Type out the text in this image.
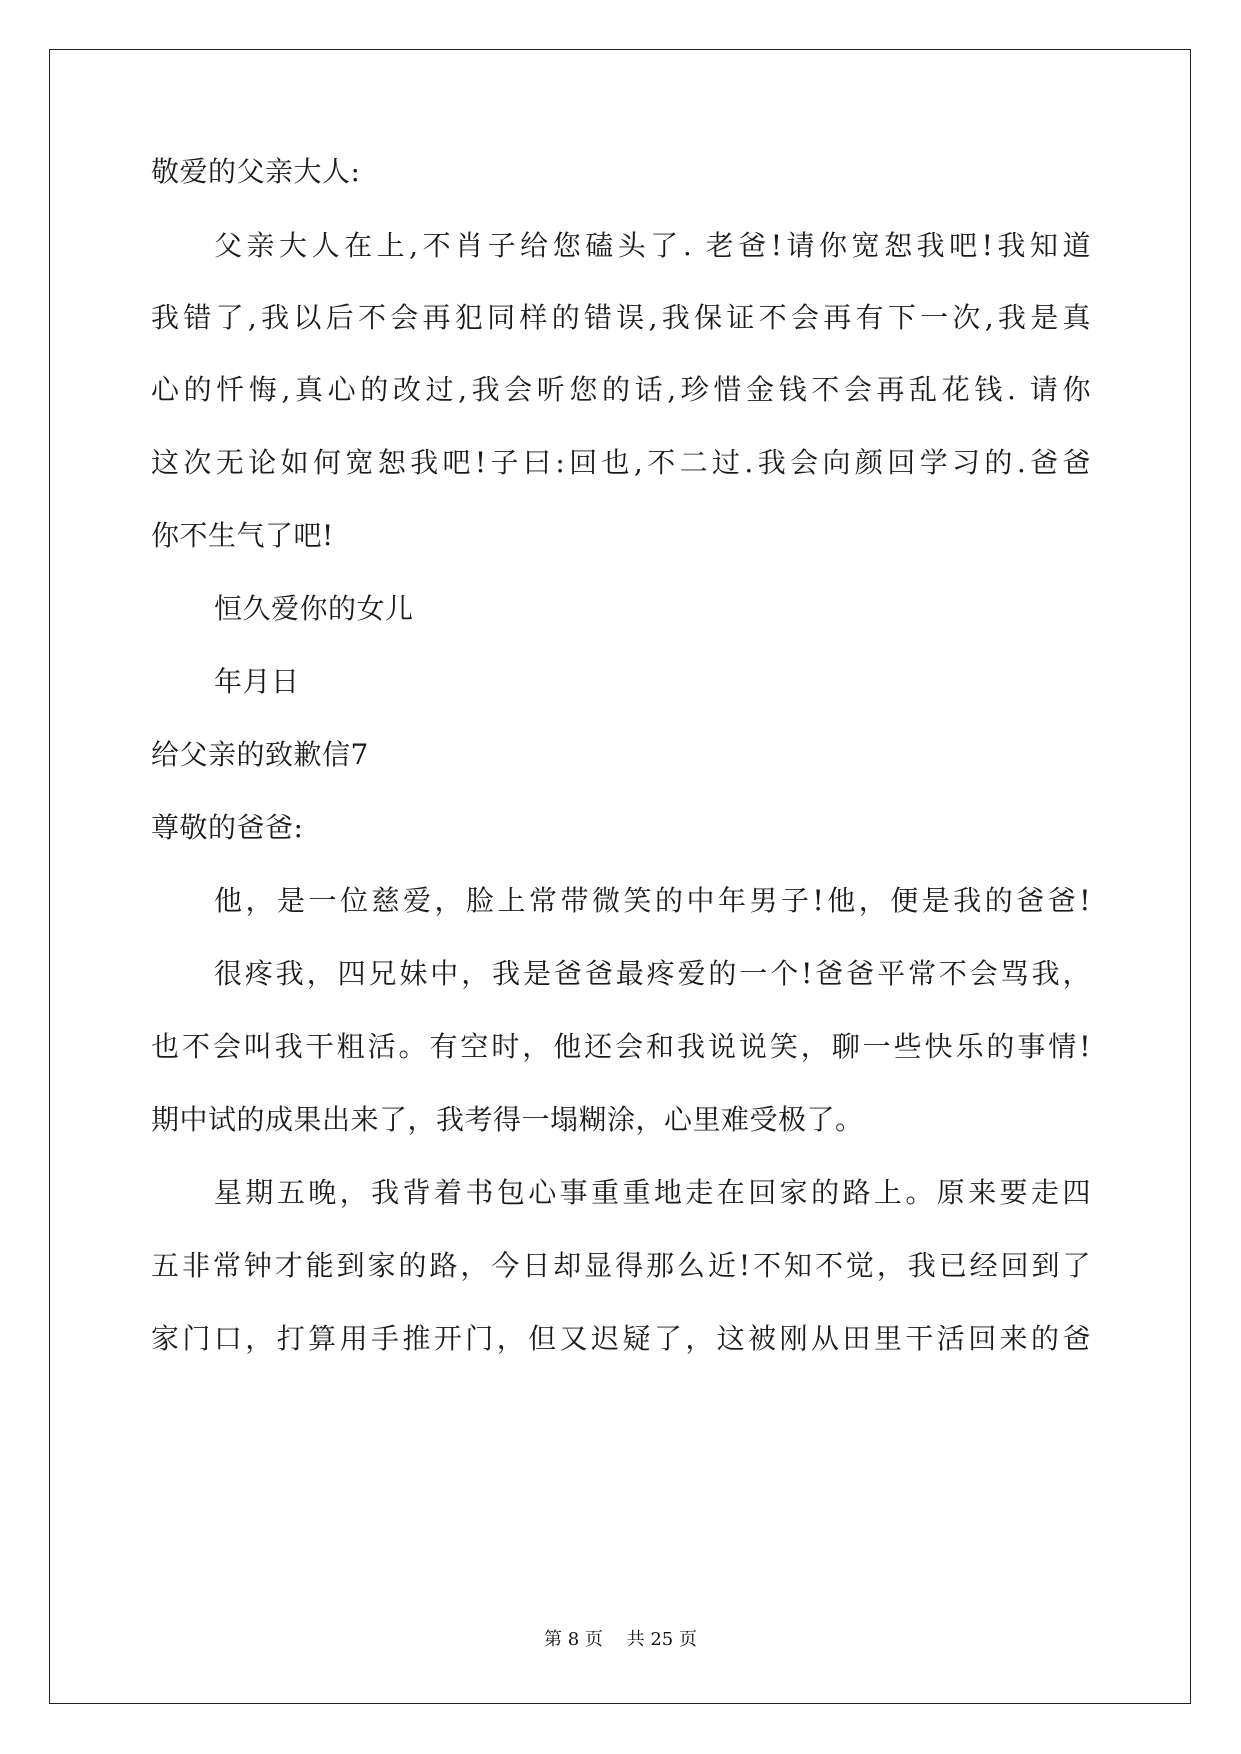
敬爱的父亲大人:
父亲大人在上,不肖子给您磕头了. 老爸!请你宽恕我吧!我知道
我错了,我以后不会再犯同样的错误,我保证不会再有下一次,我是真
心的忏悔,真心的改过,我会听您的话,珍惜金钱不会再乱花钱. 请你
这次无论如何宽恕我吧!子曰:回也,不二过.我会向颜回学习的.爸爸
你不生气了吧!
恒久爱你的女儿
年月日
给父亲的致歉信7
尊敬的爸爸:
他，是一位慈爱，脸上常带微笑的中年男子!他，便是我的爸爸!
很疼我，四兄妹中，我是爸爸最疼爱的一个!爸爸平常不会骂我，
也不会叫我干粗活。有空时，他还会和我说说笑，聊一些快乐的事情!
期中试的成果出来了，我考得一塌糊涂，心里难受极了。
星期五晚，我背着书包心事重重地走在回家的路上。原来要走四
五非常钟才能到家的路，今日却显得那么近!不知不觉，我已经回到了
家门口，打算用手推开门，但又迟疑了，这被刚从田里干活回来的爸
第 8 页　 共 25 页
